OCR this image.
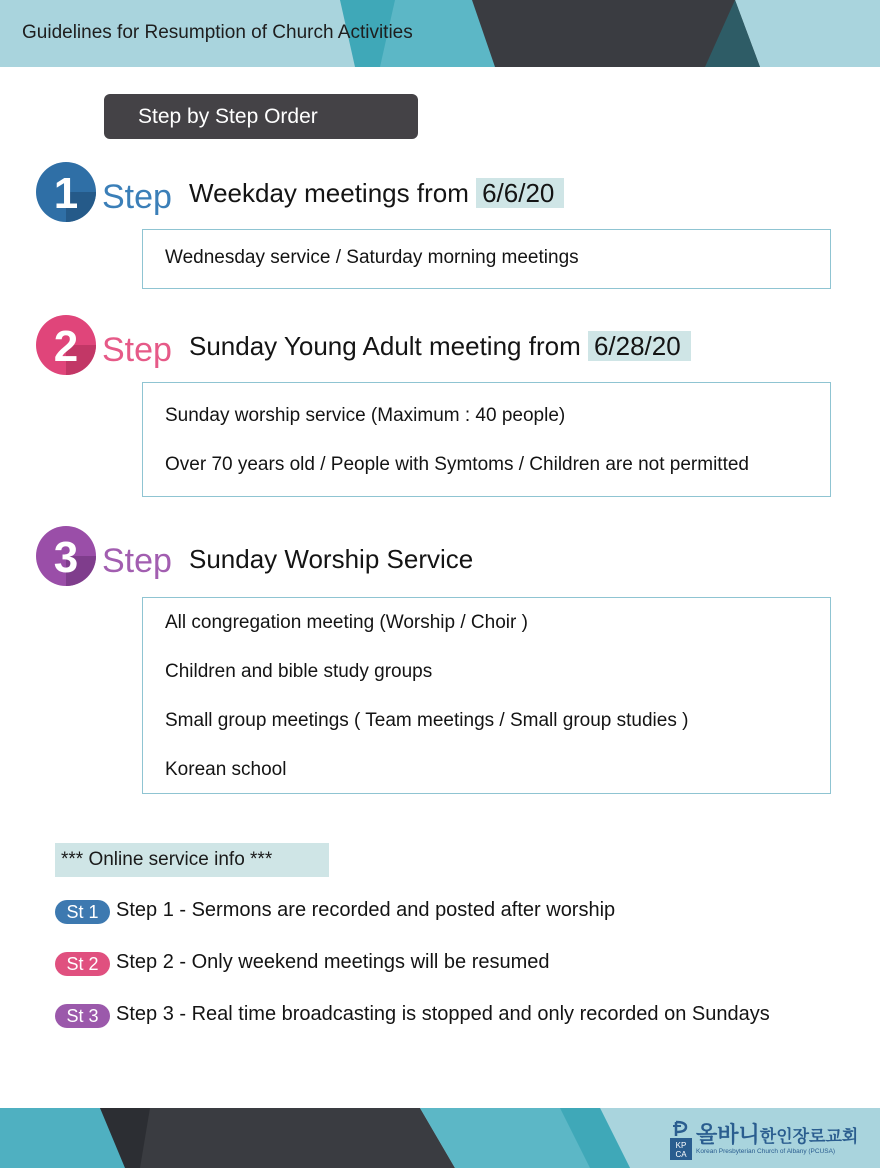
Guidelines for Resumption of Church Activities
Step by Step Order
1 Step Weekday meetings from 6/6/20
Wednesday service / Saturday morning meetings
2 Step Sunday Young Adult meeting from 6/28/20
Sunday worship service (Maximum : 40 people)
Over 70 years old / People with Symtoms / Children are not permitted
3 Step Sunday Worship Service
All congregation meeting (Worship / Choir )
Children and bible study groups
Small group meetings ( Team meetings / Small group studies )
Korean school
*** Online service info ***
St 1 Step 1 - Sermons are recorded and posted after worship
St 2 Step 2 - Only weekend meetings will be resumed
St 3 Step 3 - Real time broadcasting is stopped and only recorded on Sundays
KP
CA
올바니한인장로교회
Korean Presbyterian Church of Albany (PCUSA)
